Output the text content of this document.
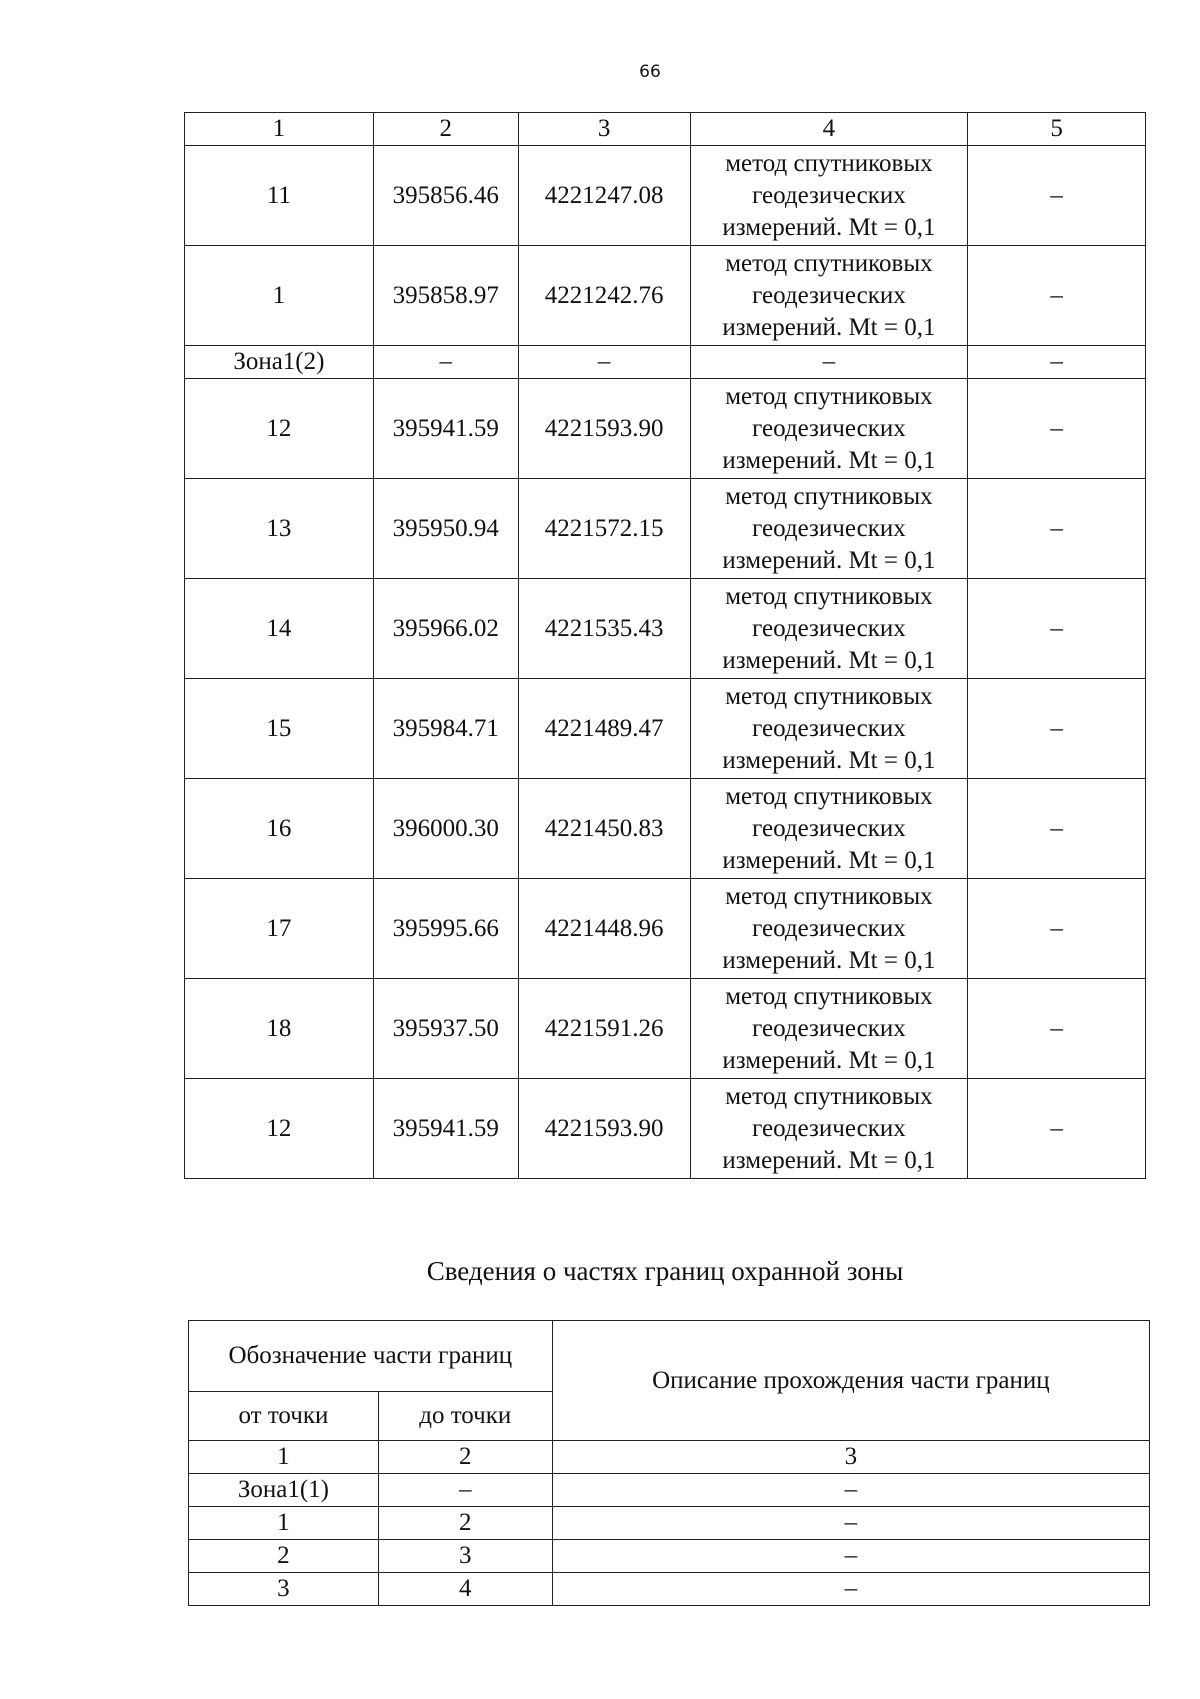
66
1	2	3	4	5
11	395856.46	4221247.08	метод спутниковых
геодезических
измерений. Mt = 0,1	–
1	395858.97	4221242.76	метод спутниковых
геодезических
измерений. Mt = 0,1	–
Зона1(2)	–	–	–	–
12	395941.59	4221593.90	метод спутниковых
геодезических
измерений. Mt = 0,1	–
13	395950.94	4221572.15	метод спутниковых
геодезических
измерений. Mt = 0,1	–
14	395966.02	4221535.43	метод спутниковых
геодезических
измерений. Mt = 0,1	–
15	395984.71	4221489.47	метод спутниковых
геодезических
измерений. Mt = 0,1	–
16	396000.30	4221450.83	метод спутниковых
геодезических
измерений. Mt = 0,1	–
17	395995.66	4221448.96	метод спутниковых
геодезических
измерений. Mt = 0,1	–
18	395937.50	4221591.26	метод спутниковых
геодезических
измерений. Mt = 0,1	–
12	395941.59	4221593.90	метод спутниковых
геодезических
измерений. Mt = 0,1	–
Сведения о частях границ охранной зоны
Обозначение части границ		Описание прохождения части границ
от точки	до точки	
1	2	3
Зона1(1)	–	–
1	2	–
2	3	–
3	4	–
